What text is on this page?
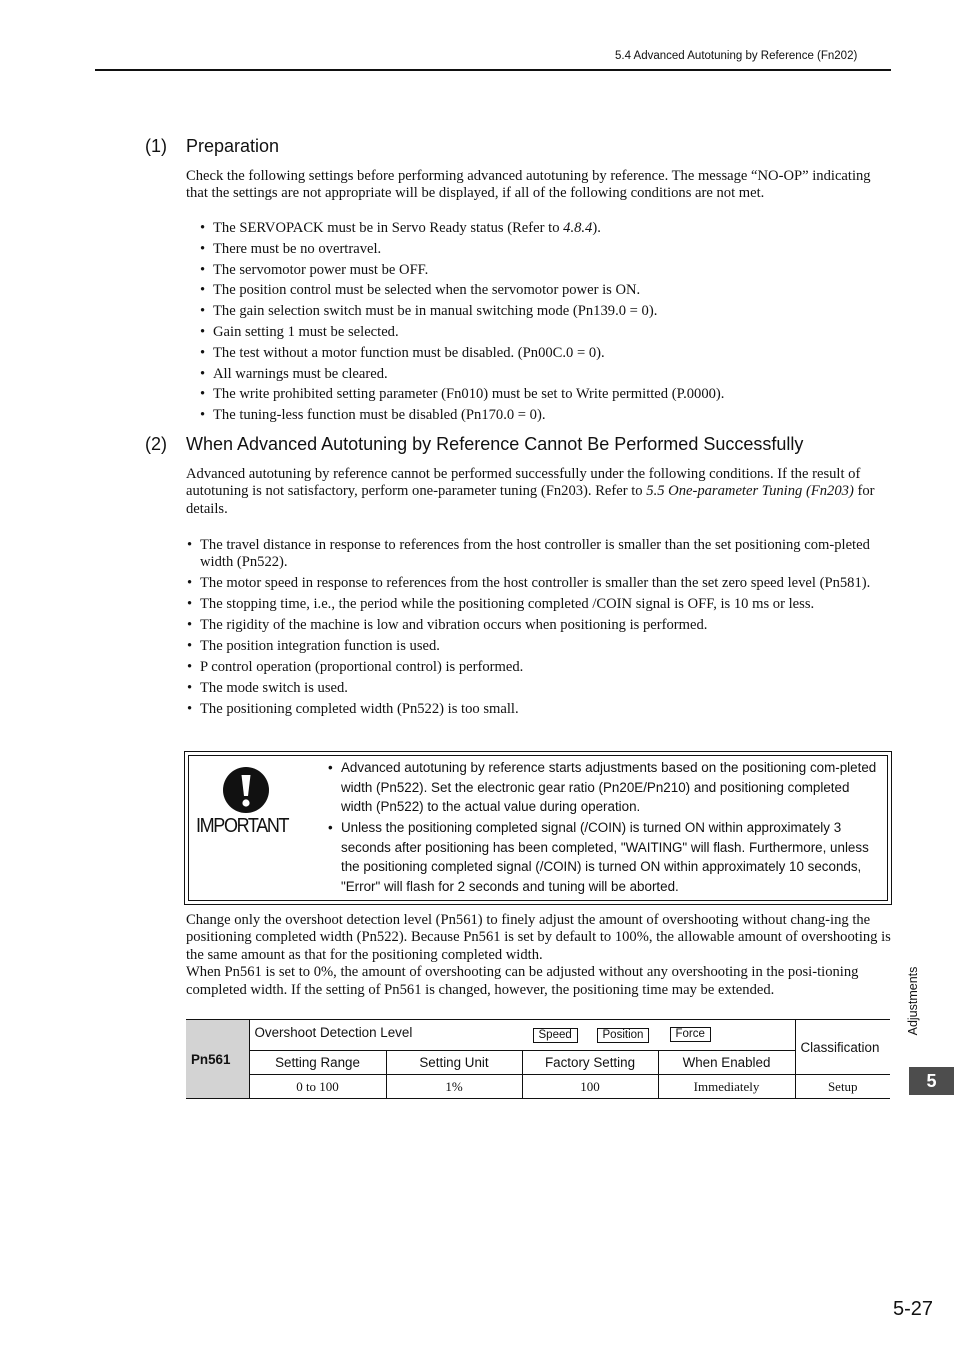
5.4 Advanced Autotuning by Reference (Fn202)
(1) Preparation
Check the following settings before performing advanced autotuning by reference. The message “NO-OP” indicating that the settings are not appropriate will be displayed, if all of the following conditions are not met.
• The SERVOPACK must be in Servo Ready status (Refer to 4.8.4).
• There must be no overtravel.
• The servomotor power must be OFF.
• The position control must be selected when the servomotor power is ON.
• The gain selection switch must be in manual switching mode (Pn139.0 = 0).
• Gain setting 1 must be selected.
• The test without a motor function must be disabled. (Pn00C.0 = 0).
• All warnings must be cleared.
• The write prohibited setting parameter (Fn010) must be set to Write permitted (P.0000).
• The tuning-less function must be disabled (Pn170.0 = 0).
(2) When Advanced Autotuning by Reference Cannot Be Performed Successfully
Advanced autotuning by reference cannot be performed successfully under the following conditions. If the result of autotuning is not satisfactory, perform one-parameter tuning (Fn203). Refer to 5.5 One-parameter Tuning (Fn203) for details.
• The travel distance in response to references from the host controller is smaller than the set positioning com-pleted width (Pn522).
• The motor speed in response to references from the host controller is smaller than the set zero speed level (Pn581).
• The stopping time, i.e., the period while the positioning completed /COIN signal is OFF, is 10 ms or less.
• The rigidity of the machine is low and vibration occurs when positioning is performed.
• The position integration function is used.
• P control operation (proportional control) is performed.
• The mode switch is used.
• The positioning completed width (Pn522) is too small.
IMPORTANT
• Advanced autotuning by reference starts adjustments based on the positioning com-pleted width (Pn522). Set the electronic gear ratio (Pn20E/Pn210) and positioning completed width (Pn522) to the actual value during operation.
• Unless the positioning completed signal (/COIN) is turned ON within approximately 3 seconds after positioning has been completed, "WAITING" will flash. Furthermore, unless the positioning completed signal (/COIN) is turned ON within approximately 10 seconds, "Error" will flash for 2 seconds and tuning will be aborted.
Change only the overshoot detection level (Pn561) to finely adjust the amount of overshooting without chang-ing the positioning completed width (Pn522). Because Pn561 is set by default to 100%, the allowable amount of overshooting is the same amount as that for the positioning completed width.
When Pn561 is set to 0%, the amount of overshooting can be adjusted without any overshooting in the posi-tioning completed width. If the setting of Pn561 is changed, however, the positioning time may be extended.
Pn561	Overshoot Detection Level Speed Position Force				Classification
	Setting Range	Setting Unit	Factory Setting	When Enabled	
	0 to 100	1%	100	Immediately	Setup
Adjustments
5
5-27
